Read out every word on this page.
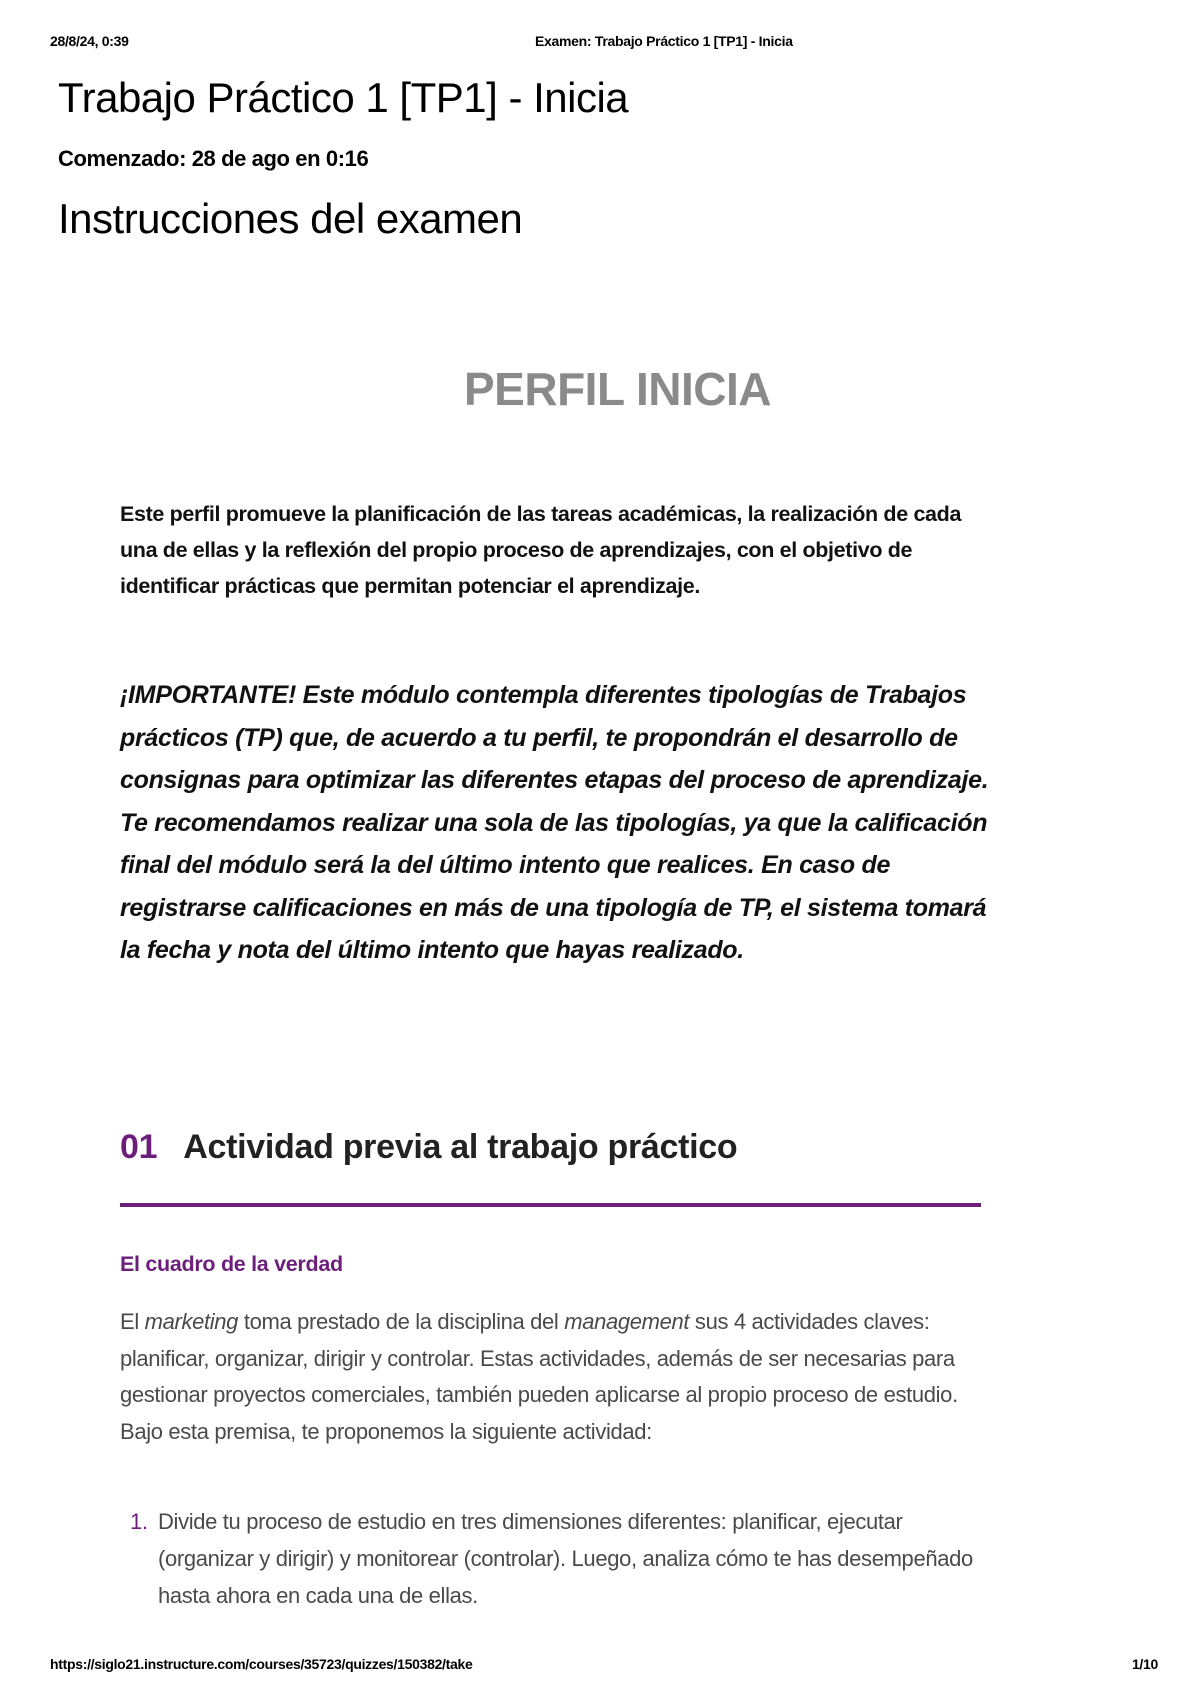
28/8/24, 0:39	Examen: Trabajo Práctico 1 [TP1] - Inicia
Trabajo Práctico 1 [TP1] - Inicia
Comenzado: 28 de ago en 0:16
Instrucciones del examen
PERFIL INICIA

Este perfil promueve la planificación de las tareas académicas, la realización de cada una de ellas y la reflexión del propio proceso de aprendizajes, con el objetivo de identificar prácticas que permitan potenciar el aprendizaje.

¡IMPORTANTE! Este módulo contempla diferentes tipologías de Trabajos prácticos (TP) que, de acuerdo a tu perfil, te propondrán el desarrollo de consignas para optimizar las diferentes etapas del proceso de aprendizaje. Te recomendamos realizar una sola de las tipologías, ya que la calificación final del módulo será la del último intento que realices. En caso de registrarse calificaciones en más de una tipología de TP, el sistema tomará la fecha y nota del último intento que hayas realizado.

01 Actividad previa al trabajo práctico
El cuadro de la verdad

El marketing toma prestado de la disciplina del management sus 4 actividades claves: planificar, organizar, dirigir y controlar. Estas actividades, además de ser necesarias para gestionar proyectos comerciales, también pueden aplicarse al propio proceso de estudio. Bajo esta premisa, te proponemos la siguiente actividad:

1. Divide tu proceso de estudio en tres dimensiones diferentes: planificar, ejecutar (organizar y dirigir) y monitorear (controlar). Luego, analiza cómo te has desempeñado hasta ahora en cada una de ellas.
https://siglo21.instructure.com/courses/35723/quizzes/150382/take	1/10
